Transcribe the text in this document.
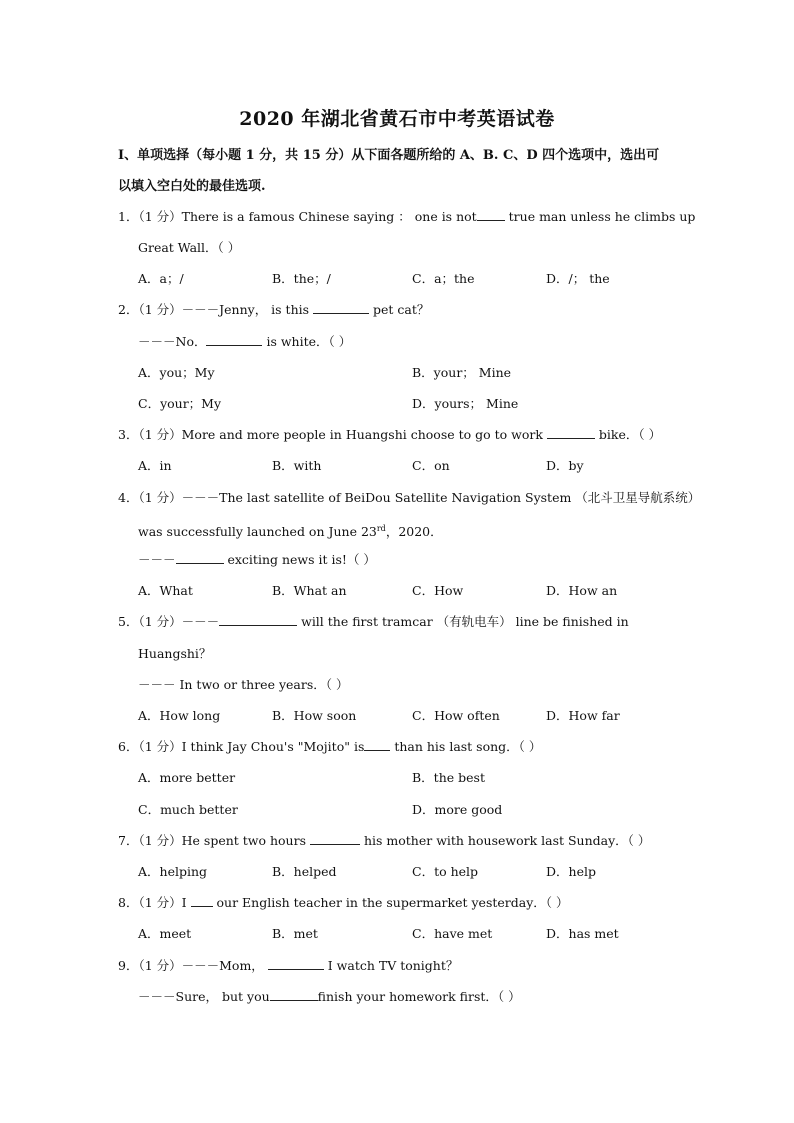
2020 年湖北省黄石市中考英语试卷
I、单项选择（每小题 1 分，共 15 分）从下面各题所给的 A、B. C、D 四个选项中，选出可
以填入空白处的最佳选项.
1．（1 分）There is a famous Chinese saying ： one is not true man unless he climbs up
Great Wall．（ ）
A．a；/	B．the；/	C．a；the	D．/； the
2．（1 分）－－－Jenny， is this	pet cat？
－－－No．	is white．（ ）
A．you；My	B．your； Mine
C．your；My	D．yours； Mine
3．（1 分）More and more people in Huangshi choose to go to work	bike．（ ）
A．in	B．with	C．on	D．by
4．（1 分）－－－The last satellite of BeiDou Satellite Navigation System （北斗卫星导航系统）
was successfully launched on June 23rd，2020．
－－－	exciting news it is!（ ）
A．What	B．What an	C．How	D．How an
5．（1 分）－－－	will the first tramcar （有轨电车） line be finished in
Huangshi？
－－－ In two or three years．（ ）
A．How long	B．How soon	C．How often	D．How far
6．（1 分）I think Jay Chou's "Mojito" is than his last song．（ ）
A．more better	B．the best
C．much better	D．more good
7．（1 分）He spent two hours	his mother with housework last Sunday．（ ）
A．helping	B．helped	C．to help	D．help
8．（1 分）I  our English teacher in the supermarket yesterday．（ ）
A．meet	B．met	C．have met	D．has met
9．（1 分）－－－Mom，	I watch TV tonight？
－－－Sure， but you	finish your homework first．（ ）
